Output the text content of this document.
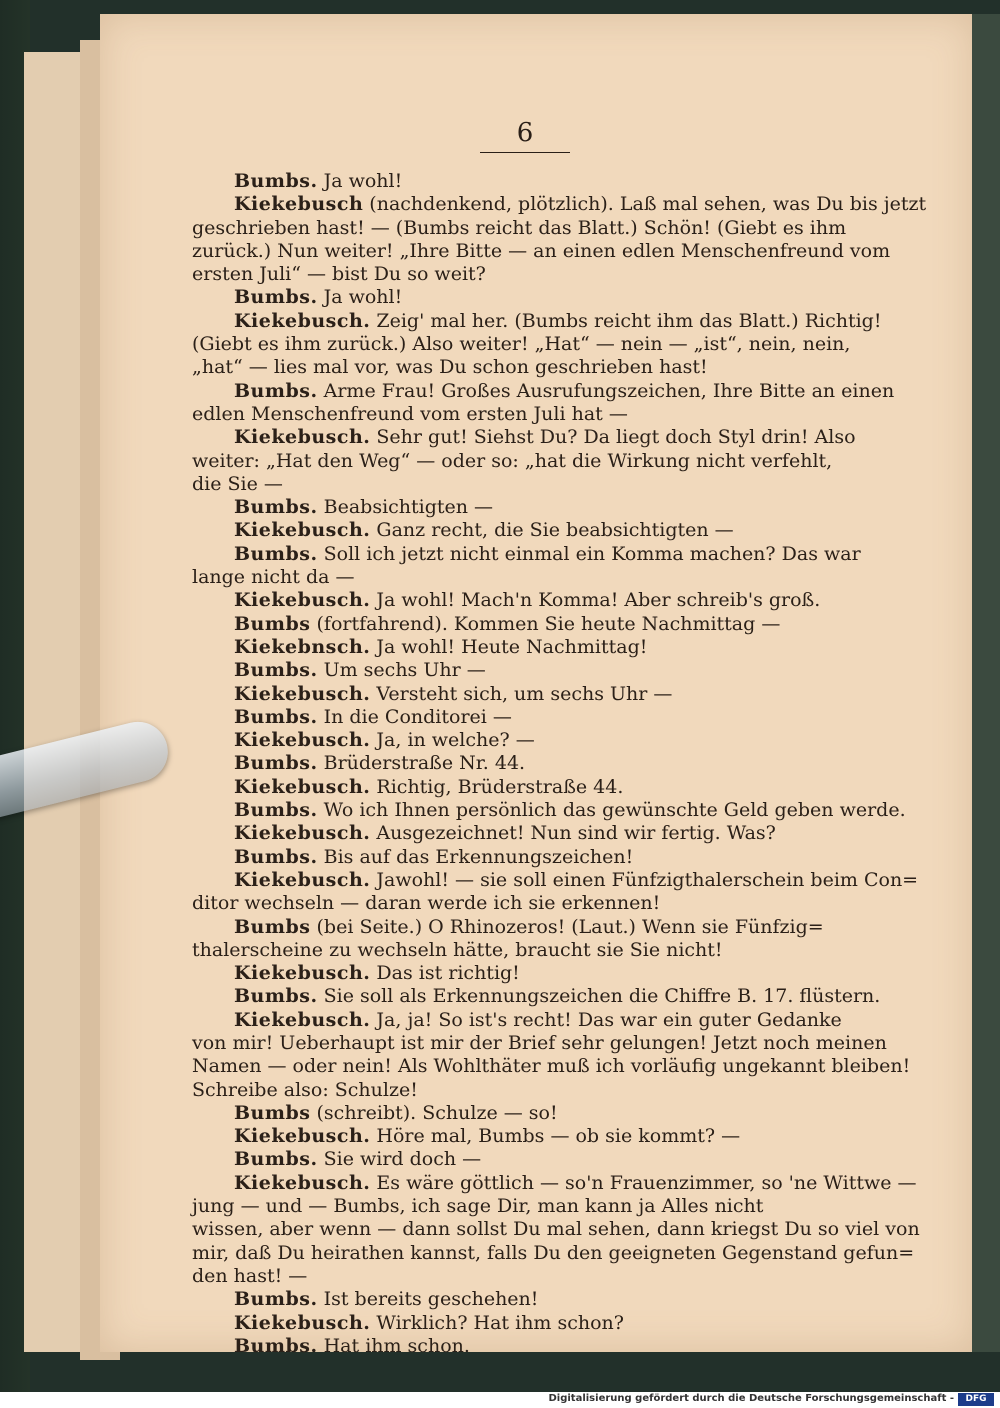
6
Bumbs. Ja wohl!
Kiekebusch (nachdenkend, plötzlich). Laß mal sehen, was Du bis jetzt
geschrieben hast! — (Bumbs reicht das Blatt.) Schön! (Giebt es ihm
zurück.) Nun weiter! „Ihre Bitte — an einen edlen Menschenfreund vom
ersten Juli“ — bist Du so weit?
Bumbs. Ja wohl!
Kiekebusch. Zeig' mal her. (Bumbs reicht ihm das Blatt.) Richtig!
(Giebt es ihm zurück.) Also weiter! „Hat“ — nein — „ist“, nein, nein,
„hat“ — lies mal vor, was Du schon geschrieben hast!
Bumbs. Arme Frau! Großes Ausrufungszeichen, Ihre Bitte an einen
edlen Menschenfreund vom ersten Juli hat —
Kiekebusch. Sehr gut! Siehst Du? Da liegt doch Styl drin! Also
weiter: „Hat den Weg“ — oder so: „hat die Wirkung nicht verfehlt,
die Sie —
Bumbs. Beabsichtigten —
Kiekebusch. Ganz recht, die Sie beabsichtigten —
Bumbs. Soll ich jetzt nicht einmal ein Komma machen? Das war
lange nicht da —
Kiekebusch. Ja wohl! Mach'n Komma! Aber schreib's groß.
Bumbs (fortfahrend). Kommen Sie heute Nachmittag —
Kiekebnsch. Ja wohl! Heute Nachmittag!
Bumbs. Um sechs Uhr —
Kiekebusch. Versteht sich, um sechs Uhr —
Bumbs. In die Conditorei —
Kiekebusch. Ja, in welche? —
Bumbs. Brüderstraße Nr. 44.
Kiekebusch. Richtig, Brüderstraße 44.
Bumbs. Wo ich Ihnen persönlich das gewünschte Geld geben werde.
Kiekebusch. Ausgezeichnet! Nun sind wir fertig. Was?
Bumbs. Bis auf das Erkennungszeichen!
Kiekebusch. Jawohl! — sie soll einen Fünfzigthalerschein beim Con=
ditor wechseln — daran werde ich sie erkennen!
Bumbs (bei Seite.) O Rhinozeros! (Laut.) Wenn sie Fünfzig=
thalerscheine zu wechseln hätte, braucht sie Sie nicht!
Kiekebusch. Das ist richtig!
Bumbs. Sie soll als Erkennungszeichen die Chiffre B. 17. flüstern.
Kiekebusch. Ja, ja! So ist's recht! Das war ein guter Gedanke
von mir! Ueberhaupt ist mir der Brief sehr gelungen! Jetzt noch meinen
Namen — oder nein! Als Wohlthäter muß ich vorläufig ungekannt bleiben!
Schreibe also: Schulze!
Bumbs (schreibt). Schulze — so!
Kiekebusch. Höre mal, Bumbs — ob sie kommt? —
Bumbs. Sie wird doch —
Kiekebusch. Es wäre göttlich — so'n Frauenzimmer, so 'ne Wittwe —
jung — und — Bumbs, ich sage Dir, man kann ja Alles nicht
wissen, aber wenn — dann sollst Du mal sehen, dann kriegst Du so viel von
mir, daß Du heirathen kannst, falls Du den geeigneten Gegenstand gefun=
den hast! —
Bumbs. Ist bereits geschehen!
Kiekebusch. Wirklich? Hat ihm schon?
Bumbs. Hat ihm schon.
Digitalisierung gefördert durch die Deutsche Forschungsgemeinschaft -	DFG
